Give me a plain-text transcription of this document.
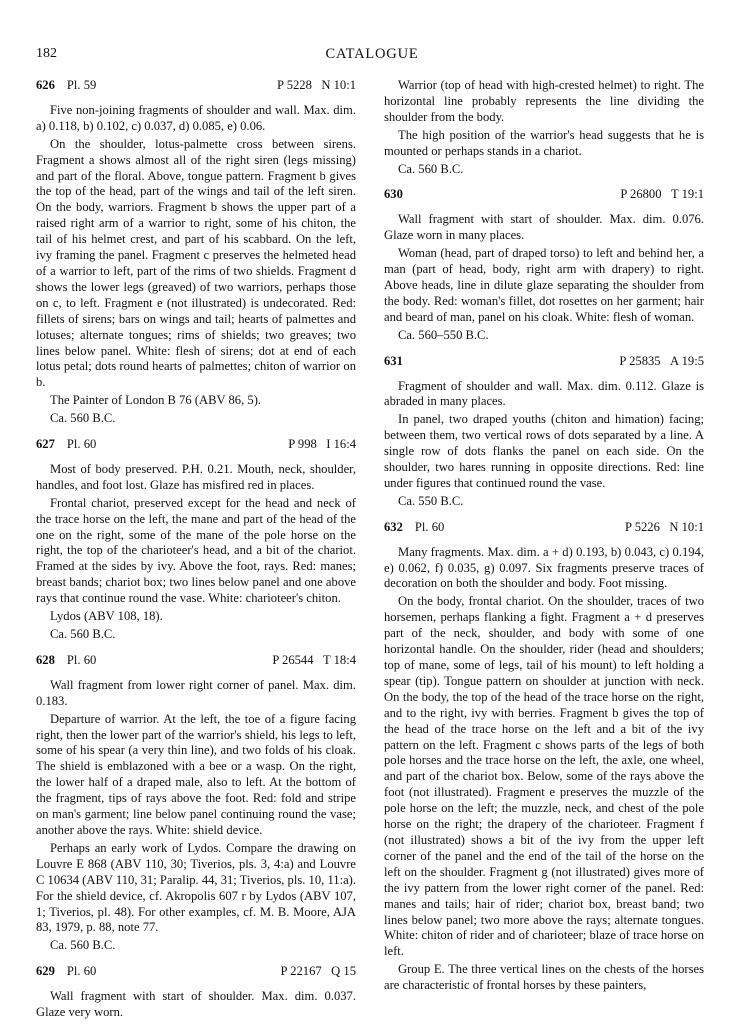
182	CATALOGUE
626 Pl. 59	P 5228 N 10:1

Five non-joining fragments of shoulder and wall. Max. dim. a) 0.118, b) 0.102, c) 0.037, d) 0.085, e) 0.06.

On the shoulder, lotus-palmette cross between sirens. Fragment a shows almost all of the right siren (legs missing) and part of the floral. Above, tongue pattern. Fragment b gives the top of the head, part of the wings and tail of the left siren. On the body, warriors. Fragment b shows the upper part of a raised right arm of a warrior to right, some of his chiton, the tail of his helmet crest, and part of his scabbard. On the left, ivy framing the panel. Fragment c preserves the helmeted head of a warrior to left, part of the rims of two shields. Fragment d shows the lower legs (greaved) of two warriors, perhaps those on c, to left. Fragment e (not illustrated) is undecorated. Red: fillets of sirens; bars on wings and tail; hearts of palmettes and lotuses; alternate tongues; rims of shields; two greaves; two lines below panel. White: flesh of sirens; dot at end of each lotus petal; dots round hearts of palmettes; chiton of warrior on b.

The Painter of London B 76 (ABV 86, 5).

Ca. 560 B.C.
627 Pl. 60	P 998 I 16:4

Most of body preserved. P.H. 0.21. Mouth, neck, shoulder, handles, and foot lost. Glaze has misfired red in places.

Frontal chariot, preserved except for the head and neck of the trace horse on the left, the mane and part of the head of the one on the right, some of the mane of the pole horse on the right, the top of the charioteer's head, and a bit of the chariot. Framed at the sides by ivy. Above the foot, rays. Red: manes; breast bands; chariot box; two lines below panel and one above rays that continue round the vase. White: charioteer's chiton.

Lydos (ABV 108, 18).

Ca. 560 B.C.
628 Pl. 60	P 26544 T 18:4

Wall fragment from lower right corner of panel. Max. dim. 0.183.

Departure of warrior. At the left, the toe of a figure facing right, then the lower part of the warrior's shield, his legs to left, some of his spear (a very thin line), and two folds of his cloak. The shield is emblazoned with a bee or a wasp. On the right, the lower half of a draped male, also to left. At the bottom of the fragment, tips of rays above the foot. Red: fold and stripe on man's garment; line below panel continuing round the vase; another above the rays. White: shield device.

Perhaps an early work of Lydos. Compare the drawing on Louvre E 868 (ABV 110, 30; Tiverios, pls. 3, 4:a) and Louvre C 10634 (ABV 110, 31; Paralip. 44, 31; Tiverios, pls. 10, 11:a). For the shield device, cf. Akropolis 607 r by Lydos (ABV 107, 1; Tiverios, pl. 48). For other examples, cf. M. B. Moore, AJA 83, 1979, p. 88, note 77.

Ca. 560 B.C.
629 Pl. 60	P 22167 Q 15

Wall fragment with start of shoulder. Max. dim. 0.037. Glaze very worn.

Warrior (top of head with high-crested helmet) to right. The horizontal line probably represents the line dividing the shoulder from the body.

The high position of the warrior's head suggests that he is mounted or perhaps stands in a chariot.

Ca. 560 B.C.
630	P 26800 T 19:1

Wall fragment with start of shoulder. Max. dim. 0.076. Glaze worn in many places.

Woman (head, part of draped torso) to left and behind her, a man (part of head, body, right arm with drapery) to right. Above heads, line in dilute glaze separating the shoulder from the body. Red: woman's fillet, dot rosettes on her garment; hair and beard of man, panel on his cloak. White: flesh of woman.

Ca. 560–550 B.C.
631	P 25835 A 19:5

Fragment of shoulder and wall. Max. dim. 0.112. Glaze is abraded in many places.

In panel, two draped youths (chiton and himation) facing; between them, two vertical rows of dots separated by a line. A single row of dots flanks the panel on each side. On the shoulder, two hares running in opposite directions. Red: line under figures that continued round the vase.

Ca. 550 B.C.
632 Pl. 60	P 5226 N 10:1

Many fragments. Max. dim. a + d) 0.193, b) 0.043, c) 0.194, e) 0.062, f) 0.035, g) 0.097. Six fragments preserve traces of decoration on both the shoulder and body. Foot missing.

On the body, frontal chariot. On the shoulder, traces of two horsemen, perhaps flanking a fight. Fragment a + d preserves part of the neck, shoulder, and body with some of one horizontal handle. On the shoulder, rider (head and shoulders; top of mane, some of legs, tail of his mount) to left holding a spear (tip). Tongue pattern on shoulder at junction with neck. On the body, the top of the head of the trace horse on the right, and to the right, ivy with berries. Fragment b gives the top of the head of the trace horse on the left and a bit of the ivy pattern on the left. Fragment c shows parts of the legs of both pole horses and the trace horse on the left, the axle, one wheel, and part of the chariot box. Below, some of the rays above the foot (not illustrated). Fragment e preserves the muzzle of the pole horse on the left; the muzzle, neck, and chest of the pole horse on the right; the drapery of the charioteer. Fragment f (not illustrated) shows a bit of the ivy from the upper left corner of the panel and the end of the tail of the horse on the left on the shoulder. Fragment g (not illustrated) gives more of the ivy pattern from the lower right corner of the panel. Red: manes and tails; hair of rider; chariot box, breast band; two lines below panel; two more above the rays; alternate tongues. White: chiton of rider and of charioteer; blaze of trace horse on left.

Group E. The three vertical lines on the chests of the horses are characteristic of frontal horses by these painters,
